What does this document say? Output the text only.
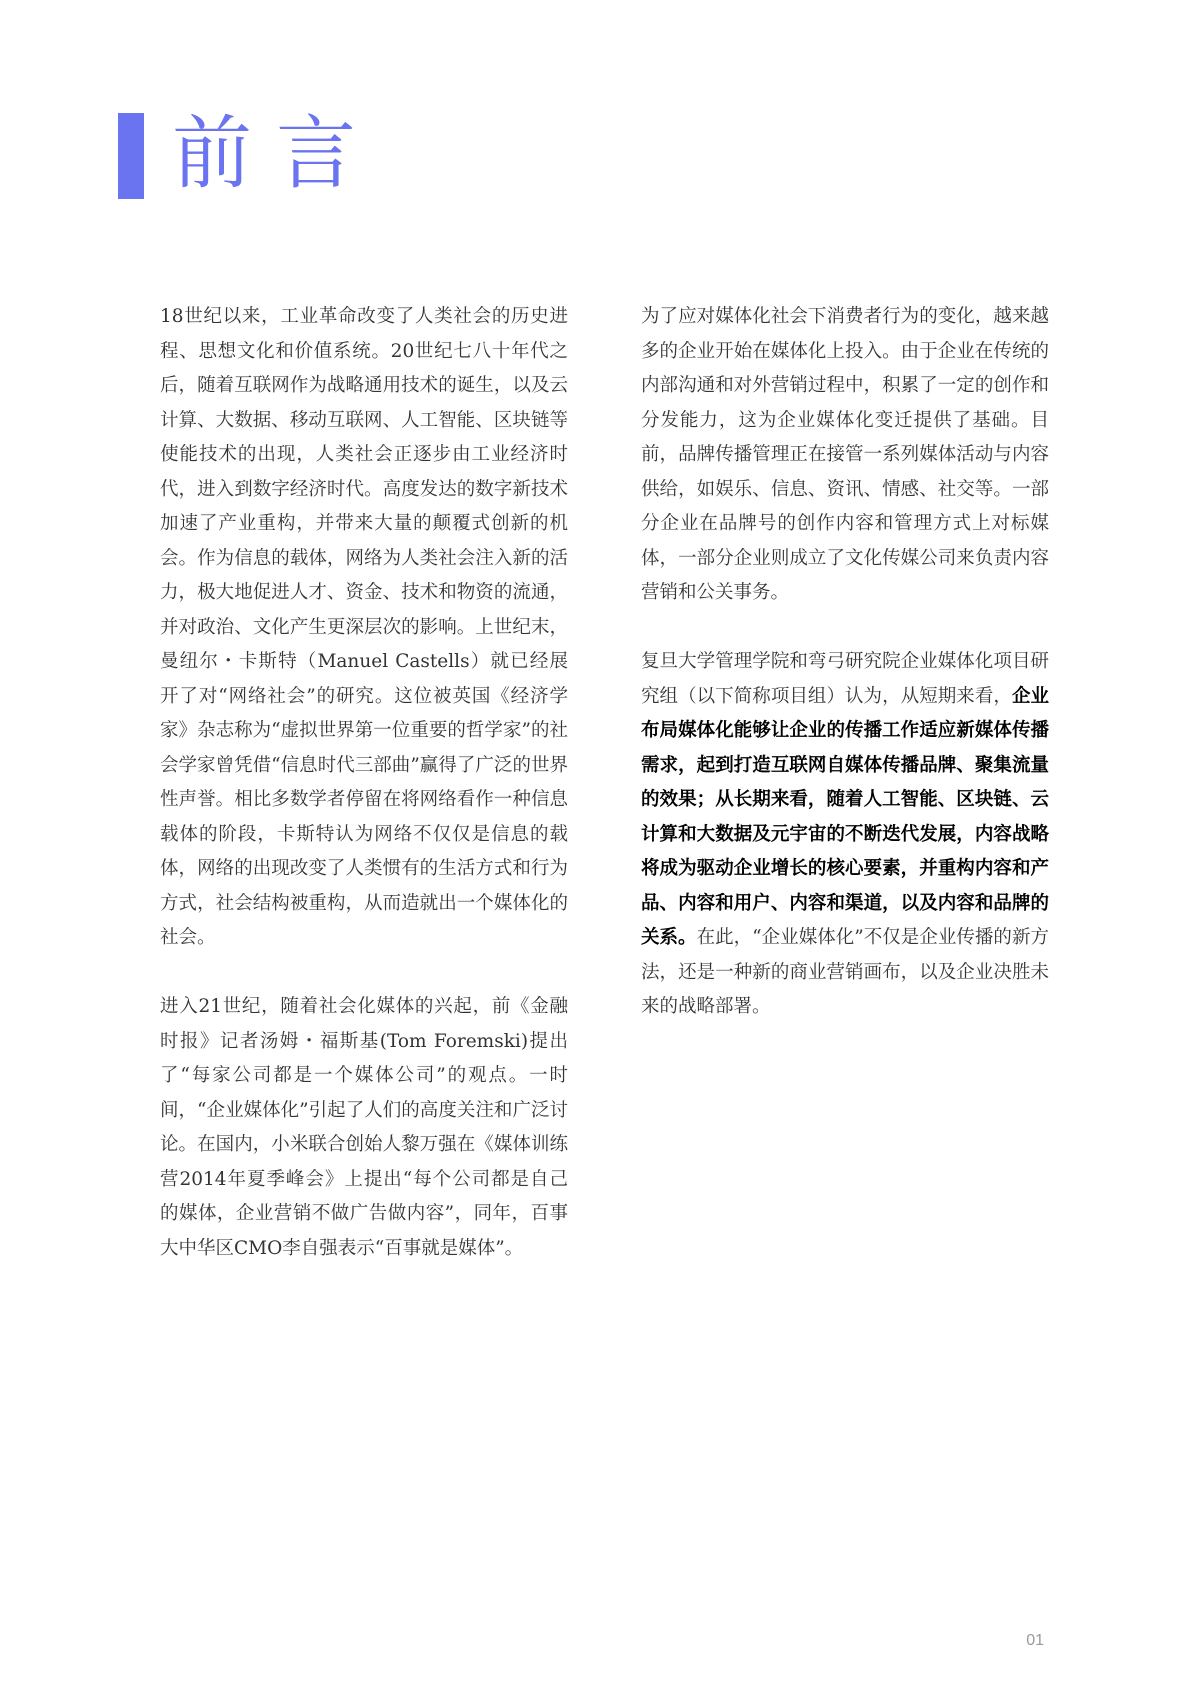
前言

18世纪以来，工业革命改变了人类社会的历史进程、思想文化和价值系统。20世纪七八十年代之后，随着互联网作为战略通用技术的诞生，以及云计算、大数据、移动互联网、人工智能、区块链等使能技术的出现，人类社会正逐步由工业经济时代，进入到数字经济时代。高度发达的数字新技术加速了产业重构，并带来大量的颠覆式创新的机会。作为信息的载体，网络为人类社会注入新的活力，极大地促进人才、资金、技术和物资的流通，并对政治、文化产生更深层次的影响。上世纪末，曼纽尔・卡斯特（Manuel Castells）就已经展开了对“网络社会”的研究。这位被英国《经济学家》杂志称为“虚拟世界第一位重要的哲学家”的社会学家曾凭借“信息时代三部曲”赢得了广泛的世界性声誉。相比多数学者停留在将网络看作一种信息载体的阶段，卡斯特认为网络不仅仅是信息的载体，网络的出现改变了人类惯有的生活方式和行为方式，社会结构被重构，从而造就出一个媒体化的社会。

进入21世纪，随着社会化媒体的兴起，前《金融时报》记者汤姆・福斯基(Tom Foremski)提出了“每家公司都是一个媒体公司”的观点。一时间，“企业媒体化”引起了人们的高度关注和广泛讨论。在国内，小米联合创始人黎万强在《媒体训练营2014年夏季峰会》上提出“每个公司都是自己的媒体，企业营销不做广告做内容”，同年，百事大中华区CMO李自强表示“百事就是媒体”。

为了应对媒体化社会下消费者行为的变化，越来越多的企业开始在媒体化上投入。由于企业在传统的内部沟通和对外营销过程中，积累了一定的创作和分发能力，这为企业媒体化变迁提供了基础。目前，品牌传播管理正在接管一系列媒体活动与内容供给，如娱乐、信息、资讯、情感、社交等。一部分企业在品牌号的创作内容和管理方式上对标媒体，一部分企业则成立了文化传媒公司来负责内容营销和公关事务。

复旦大学管理学院和弯弓研究院企业媒体化项目研究组（以下简称项目组）认为，从短期来看，企业布局媒体化能够让企业的传播工作适应新媒体传播需求，起到打造互联网自媒体传播品牌、聚集流量的效果；从长期来看，随着人工智能、区块链、云计算和大数据及元宇宙的不断迭代发展，内容战略将成为驱动企业增长的核心要素，并重构内容和产品、内容和用户、内容和渠道，以及内容和品牌的关系。在此，“企业媒体化”不仅是企业传播的新方法，还是一种新的商业营销画布，以及企业决胜未来的战略部署。

01
